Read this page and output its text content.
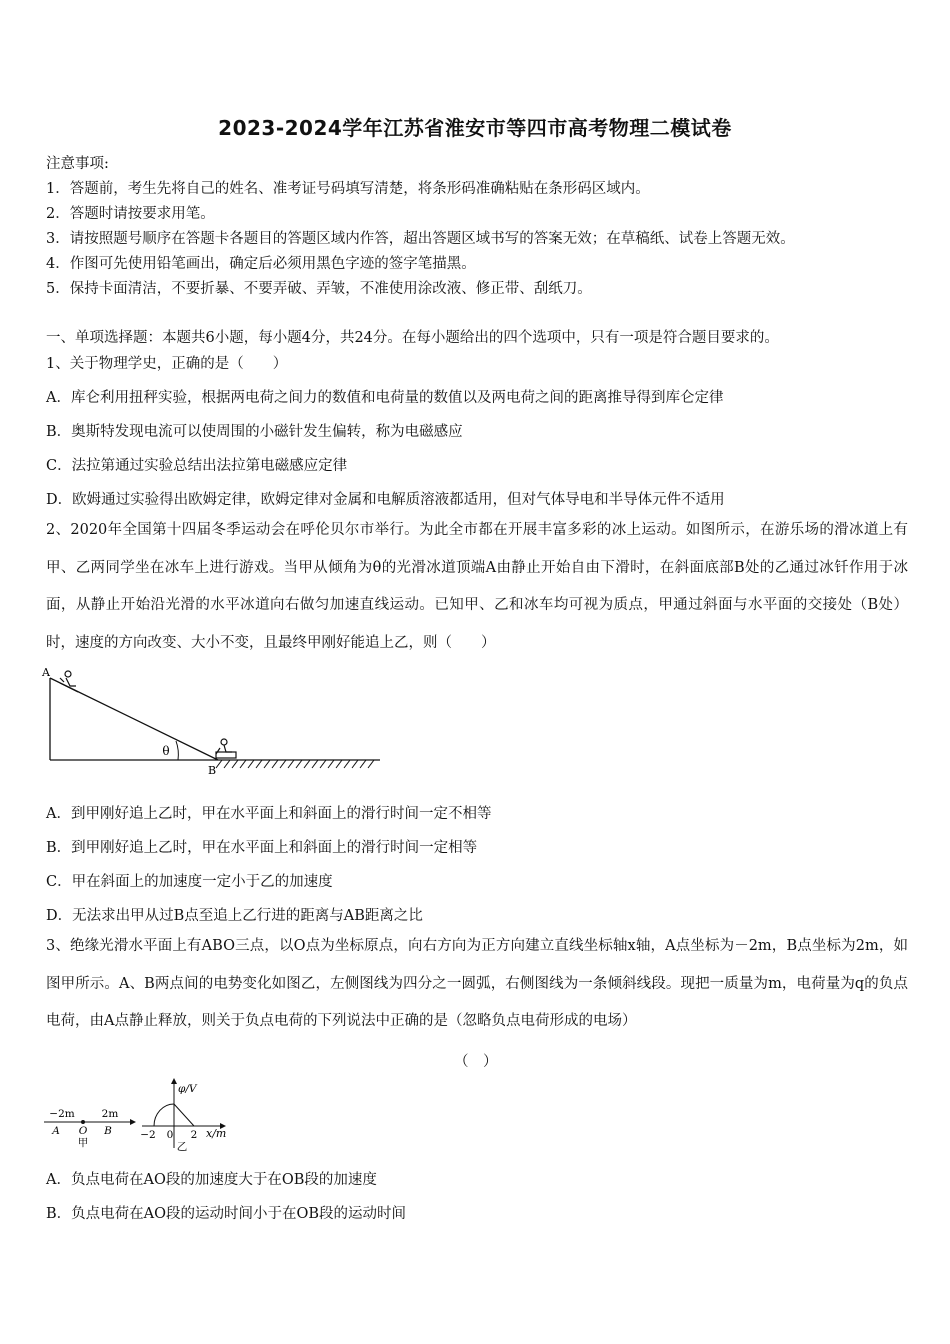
2023-2024学年江苏省淮安市等四市高考物理二模试卷
注意事项:
1．答题前，考生先将自己的姓名、准考证号码填写清楚，将条形码准确粘贴在条形码区域内。
2．答题时请按要求用笔。
3．请按照题号顺序在答题卡各题目的答题区域内作答，超出答题区域书写的答案无效；在草稿纸、试卷上答题无效。
4．作图可先使用铅笔画出，确定后必须用黑色字迹的签字笔描黑。
5．保持卡面清洁，不要折暴、不要弄破、弄皱，不准使用涂改液、修正带、刮纸刀。
一、单项选择题：本题共6小题，每小题4分，共24分。在每小题给出的四个选项中，只有一项是符合题目要求的。
1、关于物理学史，正确的是（　　）
A．库仑利用扭秤实验，根据两电荷之间力的数值和电荷量的数值以及两电荷之间的距离推导得到库仑定律
B．奥斯特发现电流可以使周围的小磁针发生偏转，称为电磁感应
C．法拉第通过实验总结出法拉第电磁感应定律
D．欧姆通过实验得出欧姆定律，欧姆定律对金属和电解质溶液都适用，但对气体导电和半导体元件不适用
2、2020年全国第十四届冬季运动会在呼伦贝尔市举行。为此全市都在开展丰富多彩的冰上运动。如图所示，在游乐场的滑冰道上有甲、乙两同学坐在冰车上进行游戏。当甲从倾角为θ的光滑冰道顶端A由静止开始自由下滑时，在斜面底部B处的乙通过冰钎作用于冰面，从静止开始沿光滑的水平冰道向右做匀加速直线运动。已知甲、乙和冰车均可视为质点，甲通过斜面与水平面的交接处（B处）时，速度的方向改变、大小不变，且最终甲刚好能追上乙，则（　　）
A
B
θ
A．到甲刚好追上乙时，甲在水平面上和斜面上的滑行时间一定不相等
B．到甲刚好追上乙时，甲在水平面上和斜面上的滑行时间一定相等
C．甲在斜面上的加速度一定小于乙的加速度
D．无法求出甲从过B点至追上乙行进的距离与AB距离之比
3、绝缘光滑水平面上有ABO三点，以O点为坐标原点，向右方向为正方向建立直线坐标轴x轴，A点坐标为－2m，B点坐标为2m，如图甲所示。A、B两点间的电势变化如图乙，左侧图线为四分之一圆弧，右侧图线为一条倾斜线段。现把一质量为m，电荷量为q的负点电荷，由A点静止释放，则关于负点电荷的下列说法中正确的是（忽略负点电荷形成的电场）
（　）
−2m	2m
A O B
甲
φ/V
x/m
−2 0 2
乙
A．负点电荷在AO段的加速度大于在OB段的加速度
B．负点电荷在AO段的运动时间小于在OB段的运动时间
